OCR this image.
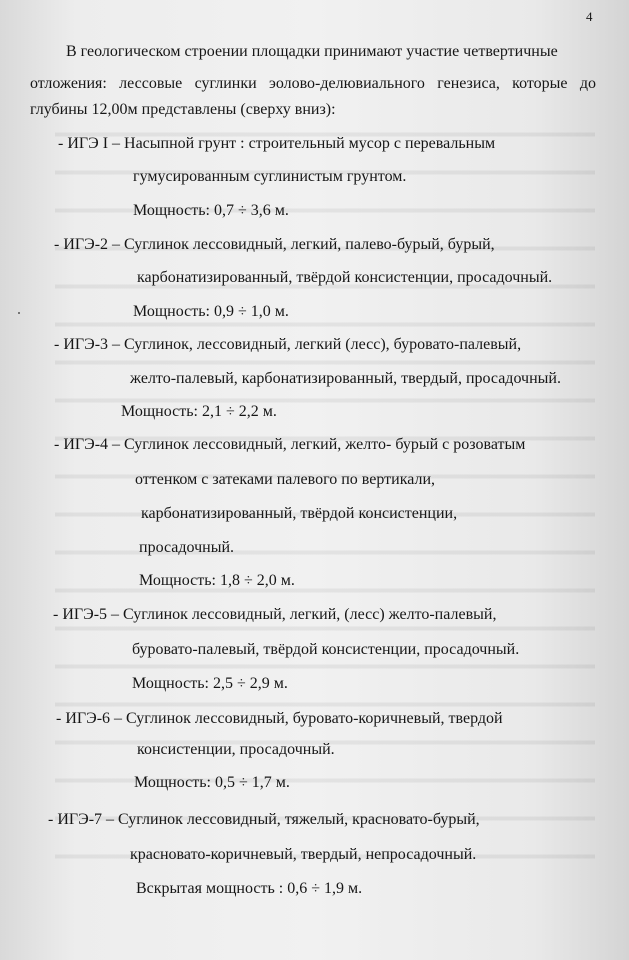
4
В геологическом строении площадки принимают участие четвертичные
отложения: лессовые суглинки эолово-делювиального генезиса, которые до
глубины 12,00м представлены (сверху вниз):
- ИГЭ I – Насыпной грунт : строительный мусор с перевальным
гумусированным суглинистым грунтом.
Мощность: 0,7 ÷ 3,6 м.
- ИГЭ-2 – Суглинок лессовидный, легкий, палево-бурый, бурый,
карбонатизированный, твёрдой консистенции, просадочный.
Мощность: 0,9 ÷ 1,0 м.
- ИГЭ-3 – Суглинок, лессовидный, легкий (лесс), буровато-палевый,
желто-палевый, карбонатизированный, твердый, просадочный.
Мощность: 2,1 ÷ 2,2 м.
- ИГЭ-4 – Суглинок лессовидный, легкий, желто- бурый с розоватым
оттенком с затеками палевого по вертикали,
карбонатизированный, твёрдой консистенции,
просадочный.
Мощность: 1,8 ÷ 2,0 м.
- ИГЭ-5 – Суглинок лессовидный, легкий, (лесс) желто-палевый,
буровато-палевый, твёрдой консистенции, просадочный.
Мощность: 2,5 ÷ 2,9 м.
- ИГЭ-6 – Суглинок лессовидный, буровато-коричневый, твердой
консистенции, просадочный.
Мощность: 0,5 ÷ 1,7 м.
- ИГЭ-7 – Суглинок лессовидный, тяжелый, красновато-бурый,
красновато-коричневый, твердый, непросадочный.
Вскрытая мощность : 0,6 ÷ 1,9 м.
